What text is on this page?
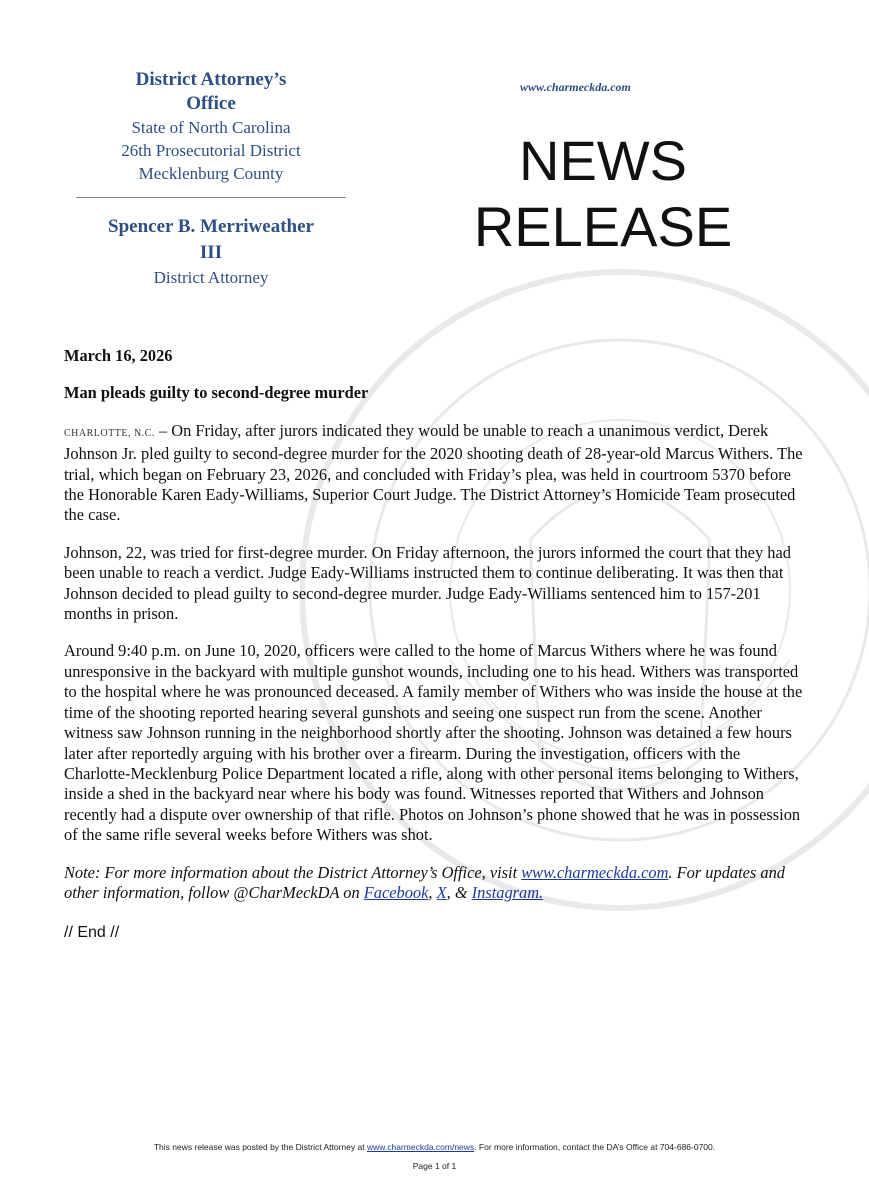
District Attorney’s
Office
State of North Carolina
26th Prosecutorial District
Mecklenburg County
Spencer B. Merriweather
III
District Attorney
www.charmeckda.com
NEWS
RELEASE

March 16, 2026

Man pleads guilty to second-degree murder

CHARLOTTE, N.C. – On Friday, after jurors indicated they would be unable to reach a unanimous verdict, Derek Johnson Jr. pled guilty to second-degree murder for the 2020 shooting death of 28-year-old Marcus Withers. The trial, which began on February 23, 2026, and concluded with Friday’s plea, was held in courtroom 5370 before the Honorable Karen Eady-Williams, Superior Court Judge. The District Attorney’s Homicide Team prosecuted the case.

Johnson, 22, was tried for first-degree murder. On Friday afternoon, the jurors informed the court that they had been unable to reach a verdict. Judge Eady-Williams instructed them to continue deliberating. It was then that Johnson decided to plead guilty to second-degree murder. Judge Eady-Williams sentenced him to 157-201 months in prison.

Around 9:40 p.m. on June 10, 2020, officers were called to the home of Marcus Withers where he was found unresponsive in the backyard with multiple gunshot wounds, including one to his head. Withers was transported to the hospital where he was pronounced deceased. A family member of Withers who was inside the house at the time of the shooting reported hearing several gunshots and seeing one suspect run from the scene. Another witness saw Johnson running in the neighborhood shortly after the shooting. Johnson was detained a few hours later after reportedly arguing with his brother over a firearm. During the investigation, officers with the Charlotte-Mecklenburg Police Department located a rifle, along with other personal items belonging to Withers, inside a shed in the backyard near where his body was found. Witnesses reported that Withers and Johnson recently had a dispute over ownership of that rifle. Photos on Johnson’s phone showed that he was in possession of the same rifle several weeks before Withers was shot.

Note: For more information about the District Attorney’s Office, visit www.charmeckda.com. For updates and other information, follow @CharMeckDA on Facebook, X, & Instagram.

// End //

This news release was posted by the District Attorney at www.charmeckda.com/news. For more information, contact the DA’s Office at 704-686-0700.
Page 1 of 1
